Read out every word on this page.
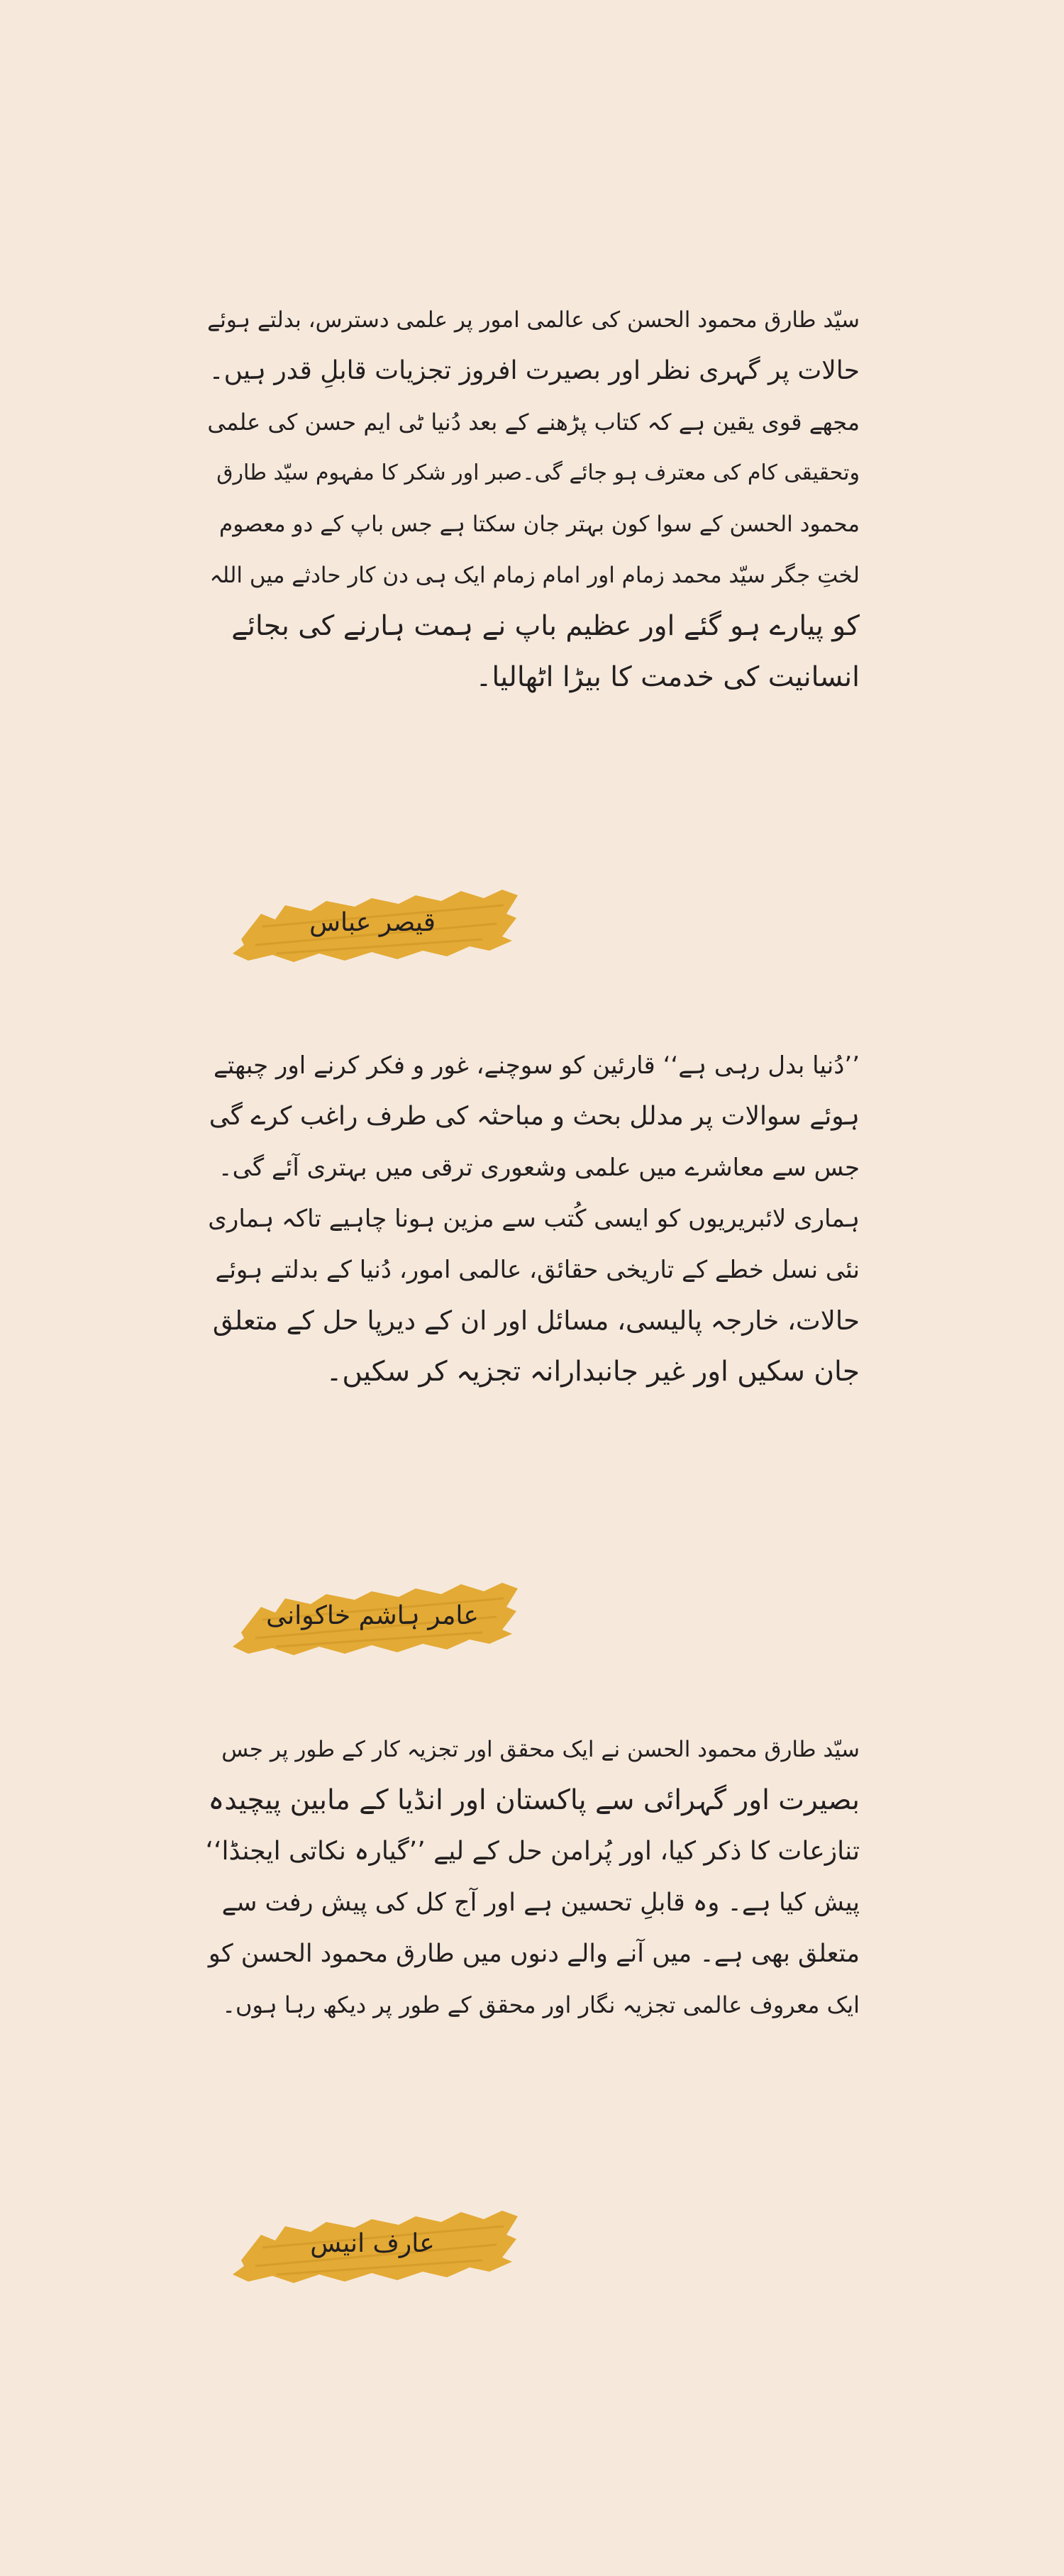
سیّد طارق محمود الحسن کی عالمی امور پر علمی دسترس، بدلتے ہوئے
حالات پر گہری نظر اور بصیرت افروز تجزیات قابلِ قدر ہیں۔
مجھے قوی یقین ہے کہ کتاب پڑھنے کے بعد دُنیا ٹی ایم حسن کی علمی
وتحقیقی کام کی معترف ہو جائے گی۔صبر اور شکر کا مفہوم سیّد طارق
محمود الحسن کے سوا کون بہتر جان سکتا ہے جس باپ کے دو معصوم
لختِ جگر سیّد محمد زمام اور امام زمام ایک ہی دن کار حادثے میں اللہ
کو پیارے ہو گئے اور عظیم باپ نے ہمت ہارنے کی بجائے
انسانیت کی خدمت کا بیڑا اٹھالیا۔
قیصر عباس
’’دُنیا بدل رہی ہے‘‘ قارئین کو سوچنے، غور و فکر کرنے اور چبھتے
ہوئے سوالات پر مدلل بحث و مباحثہ کی طرف راغب کرے گی
جس سے معاشرے میں علمی وشعوری ترقی میں بہتری آئے گی۔
ہماری لائبریریوں کو ایسی کُتب سے مزین ہونا چاہیے تاکہ ہماری
نئی نسل خطے کے تاریخی حقائق، عالمی امور، دُنیا کے بدلتے ہوئے
حالات، خارجہ پالیسی، مسائل اور ان کے دیرپا حل کے متعلق
جان سکیں اور غیر جانبدارانہ تجزیہ کر سکیں۔
عامر ہاشم خاکوانی
سیّد طارق محمود الحسن نے ایک محقق اور تجزیہ کار کے طور پر جس
بصیرت اور گہرائی سے پاکستان اور انڈیا کے مابین پیچیدہ
تنازعات کا ذکر کیا، اور پُرامن حل کے لیے ’’گیارہ نکاتی ایجنڈا‘‘
پیش کیا ہے۔ وہ قابلِ تحسین ہے اور آج کل کی پیش رفت سے
متعلق بھی ہے۔ میں آنے والے دنوں میں طارق محمود الحسن کو
ایک معروف عالمی تجزیہ نگار اور محقق کے طور پر دیکھ رہا ہوں۔
عارف انیس
